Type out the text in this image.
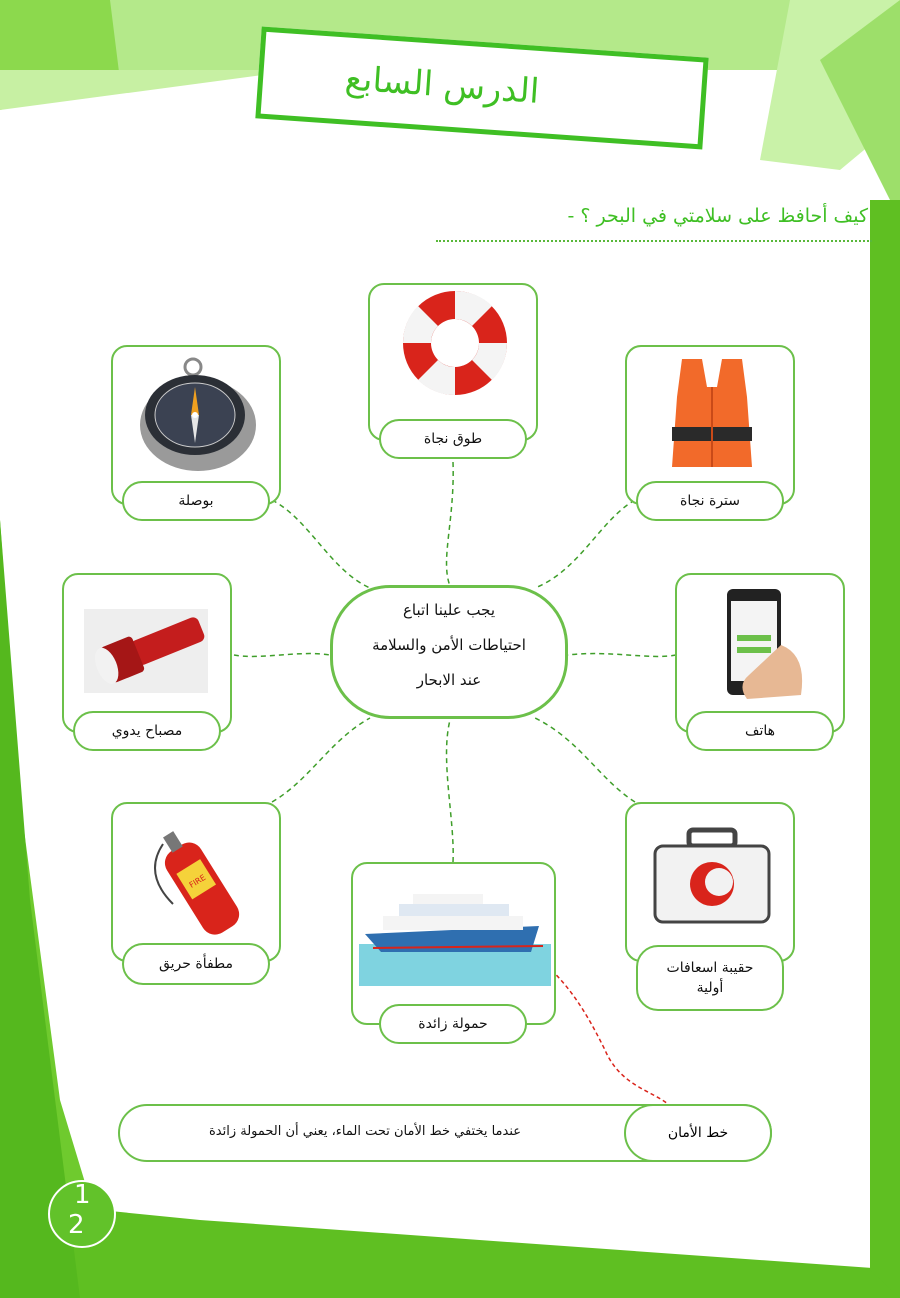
الدرس السابع
كيف أحافظ على سلامتي في البحر ؟ -
يجب علينا اتباع
احتياطات الأمن والسلامة
عند الابحار
طوق نجاة
بوصلة	سترة نجاة
مصباح يدوي	هاتف
FIRE
مطفأة حريق
حمولة زائدة
حقيبة اسعافات
أولية
عندما يختفي خط الأمان تحت الماء، يعني أن الحمولة زائدة	خط الأمان
1
2
